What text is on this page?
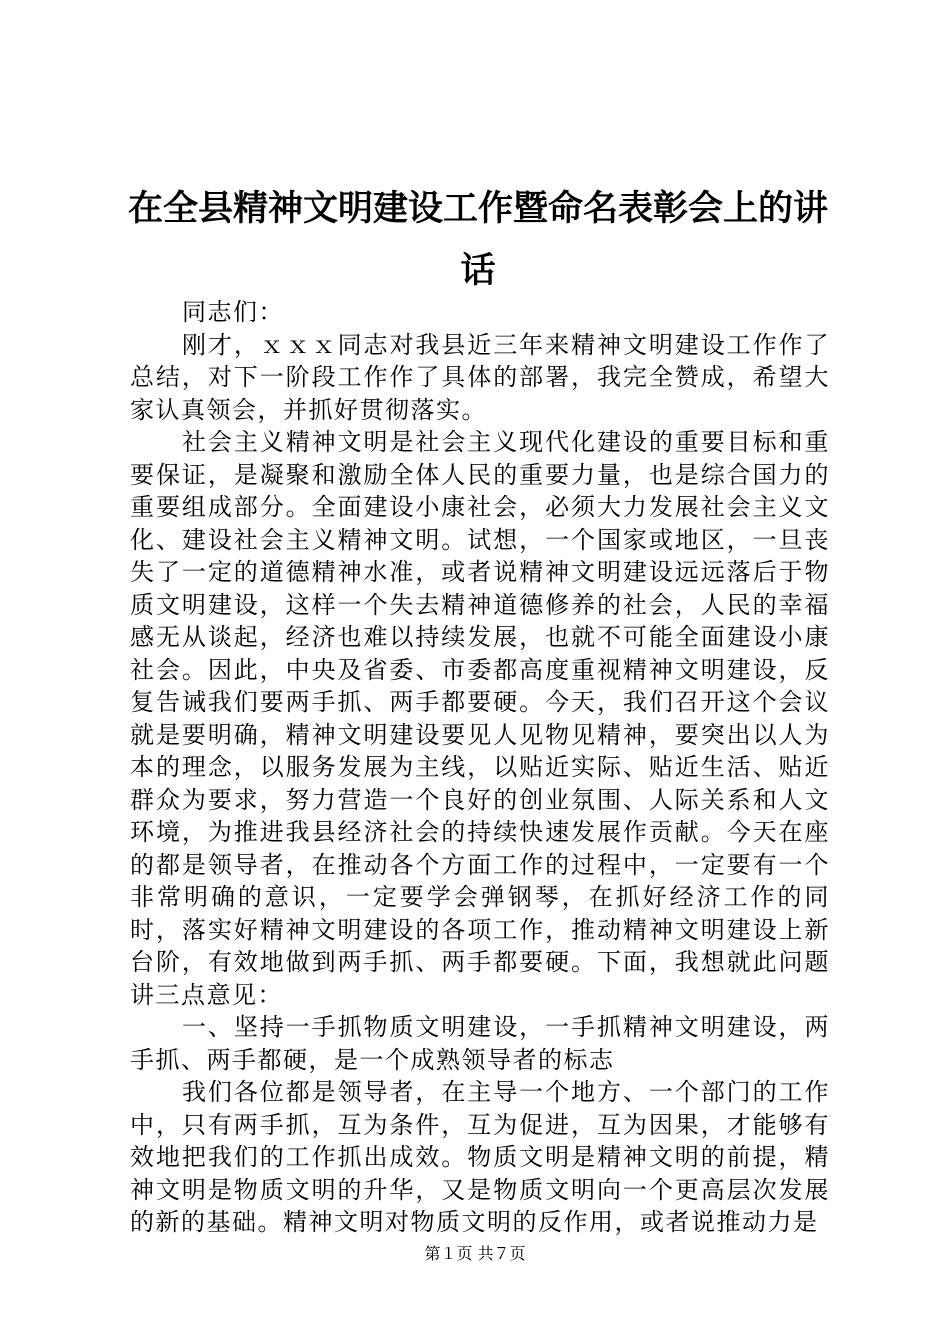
在全县精神文明建设工作暨命名表彰会上的讲话

同志们：

刚才，ｘｘｘ同志对我县近三年来精神文明建设工作作了总结，对下一阶段工作作了具体的部署，我完全赞成，希望大家认真领会，并抓好贯彻落实。

社会主义精神文明是社会主义现代化建设的重要目标和重要保证，是凝聚和激励全体人民的重要力量，也是综合国力的重要组成部分。全面建设小康社会，必须大力发展社会主义文化、建设社会主义精神文明。试想，一个国家或地区，一旦丧失了一定的道德精神水准，或者说精神文明建设远远落后于物质文明建设，这样一个失去精神道德修养的社会，人民的幸福感无从谈起，经济也难以持续发展，也就不可能全面建设小康社会。因此，中央及省委、市委都高度重视精神文明建设，反复告诫我们要两手抓、两手都要硬。今天，我们召开这个会议就是要明确，精神文明建设要见人见物见精神，要突出以人为本的理念，以服务发展为主线，以贴近实际、贴近生活、贴近群众为要求，努力营造一个良好的创业氛围、人际关系和人文环境，为推进我县经济社会的持续快速发展作贡献。今天在座的都是领导者，在推动各个方面工作的过程中，一定要有一个非常明确的意识，一定要学会弹钢琴，在抓好经济工作的同时，落实好精神文明建设的各项工作，推动精神文明建设上新台阶，有效地做到两手抓、两手都要硬。下面，我想就此问题讲三点意见：

一、坚持一手抓物质文明建设，一手抓精神文明建设，两手抓、两手都硬，是一个成熟领导者的标志

我们各位都是领导者，在主导一个地方、一个部门的工作中，只有两手抓，互为条件，互为促进，互为因果，才能够有效地把我们的工作抓出成效。物质文明是精神文明的前提，精神文明是物质文明的升华，又是物质文明向一个更高层次发展的新的基础。精神文明对物质文明的反作用，或者说推动力是

第１页 共７页
